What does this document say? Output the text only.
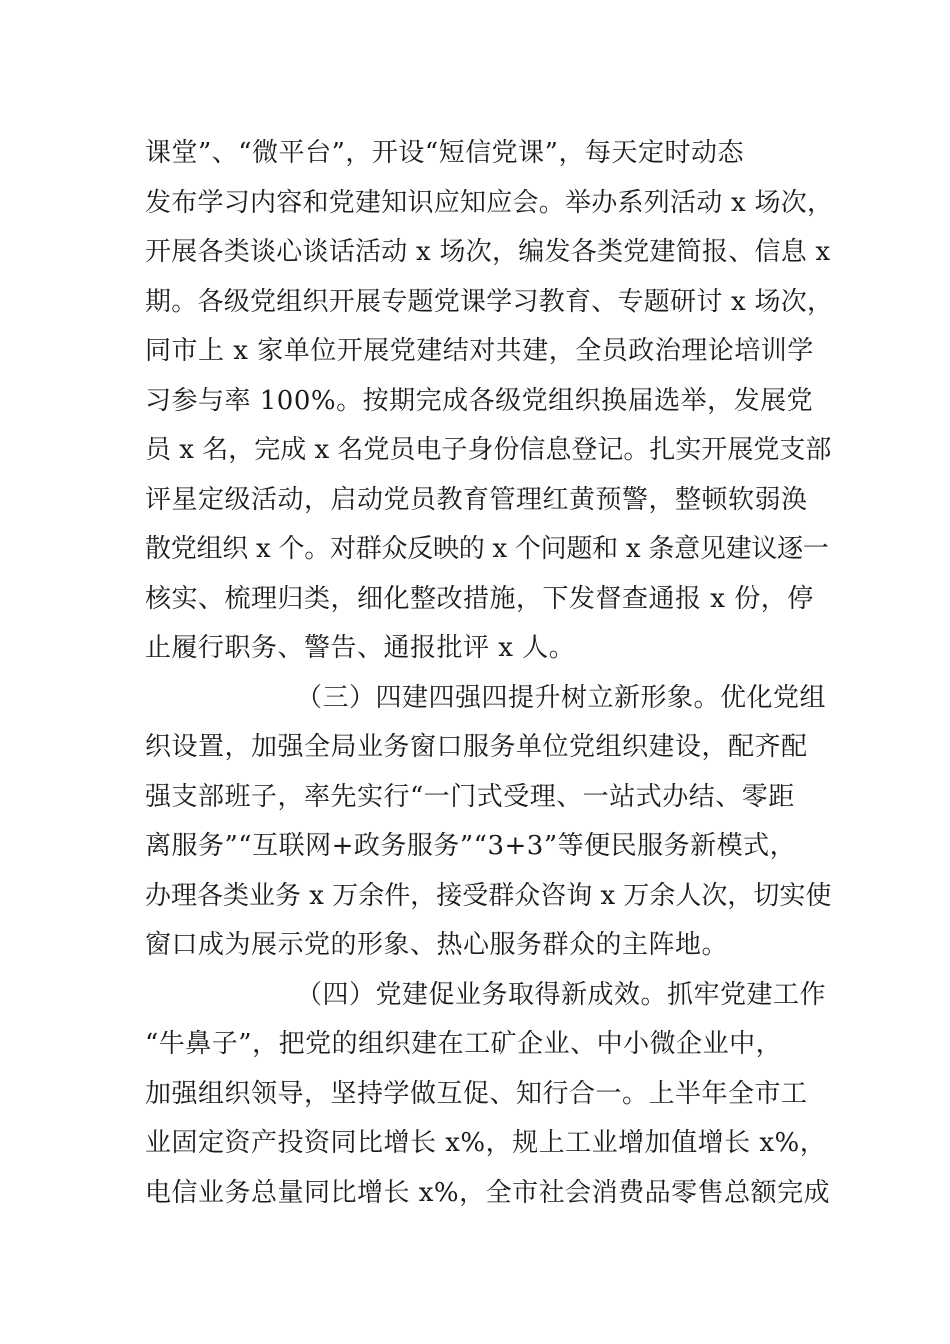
课堂”、“微平台”，开设“短信党课”，每天定时动态
发布学习内容和党建知识应知应会。举办系列活动 x 场次，
开展各类谈心谈话活动 x 场次，编发各类党建简报、信息 x
期。各级党组织开展专题党课学习教育、专题研讨 x 场次，
同市上 x 家单位开展党建结对共建，全员政治理论培训学
习参与率 100%。按期完成各级党组织换届选举，发展党
员 x 名，完成 x 名党员电子身份信息登记。扎实开展党支部
评星定级活动，启动党员教育管理红黄预警，整顿软弱涣
散党组织 x 个。对群众反映的 x 个问题和 x 条意见建议逐一
核实、梳理归类，细化整改措施，下发督查通报 x 份，停
止履行职务、警告、通报批评 x 人。
（三）四建四强四提升树立新形象。优化党组
织设置，加强全局业务窗口服务单位党组织建设，配齐配
强支部班子，率先实行“一门式受理、一站式办结、零距
离服务”“互联网+政务服务”“3+3”等便民服务新模式，
办理各类业务 x 万余件，接受群众咨询 x 万余人次，切实使
窗口成为展示党的形象、热心服务群众的主阵地。
（四）党建促业务取得新成效。抓牢党建工作
“牛鼻子”，把党的组织建在工矿企业、中小微企业中，
加强组织领导，坚持学做互促、知行合一。上半年全市工
业固定资产投资同比增长 x%，规上工业增加值增长 x%，
电信业务总量同比增长 x%，全市社会消费品零售总额完成
